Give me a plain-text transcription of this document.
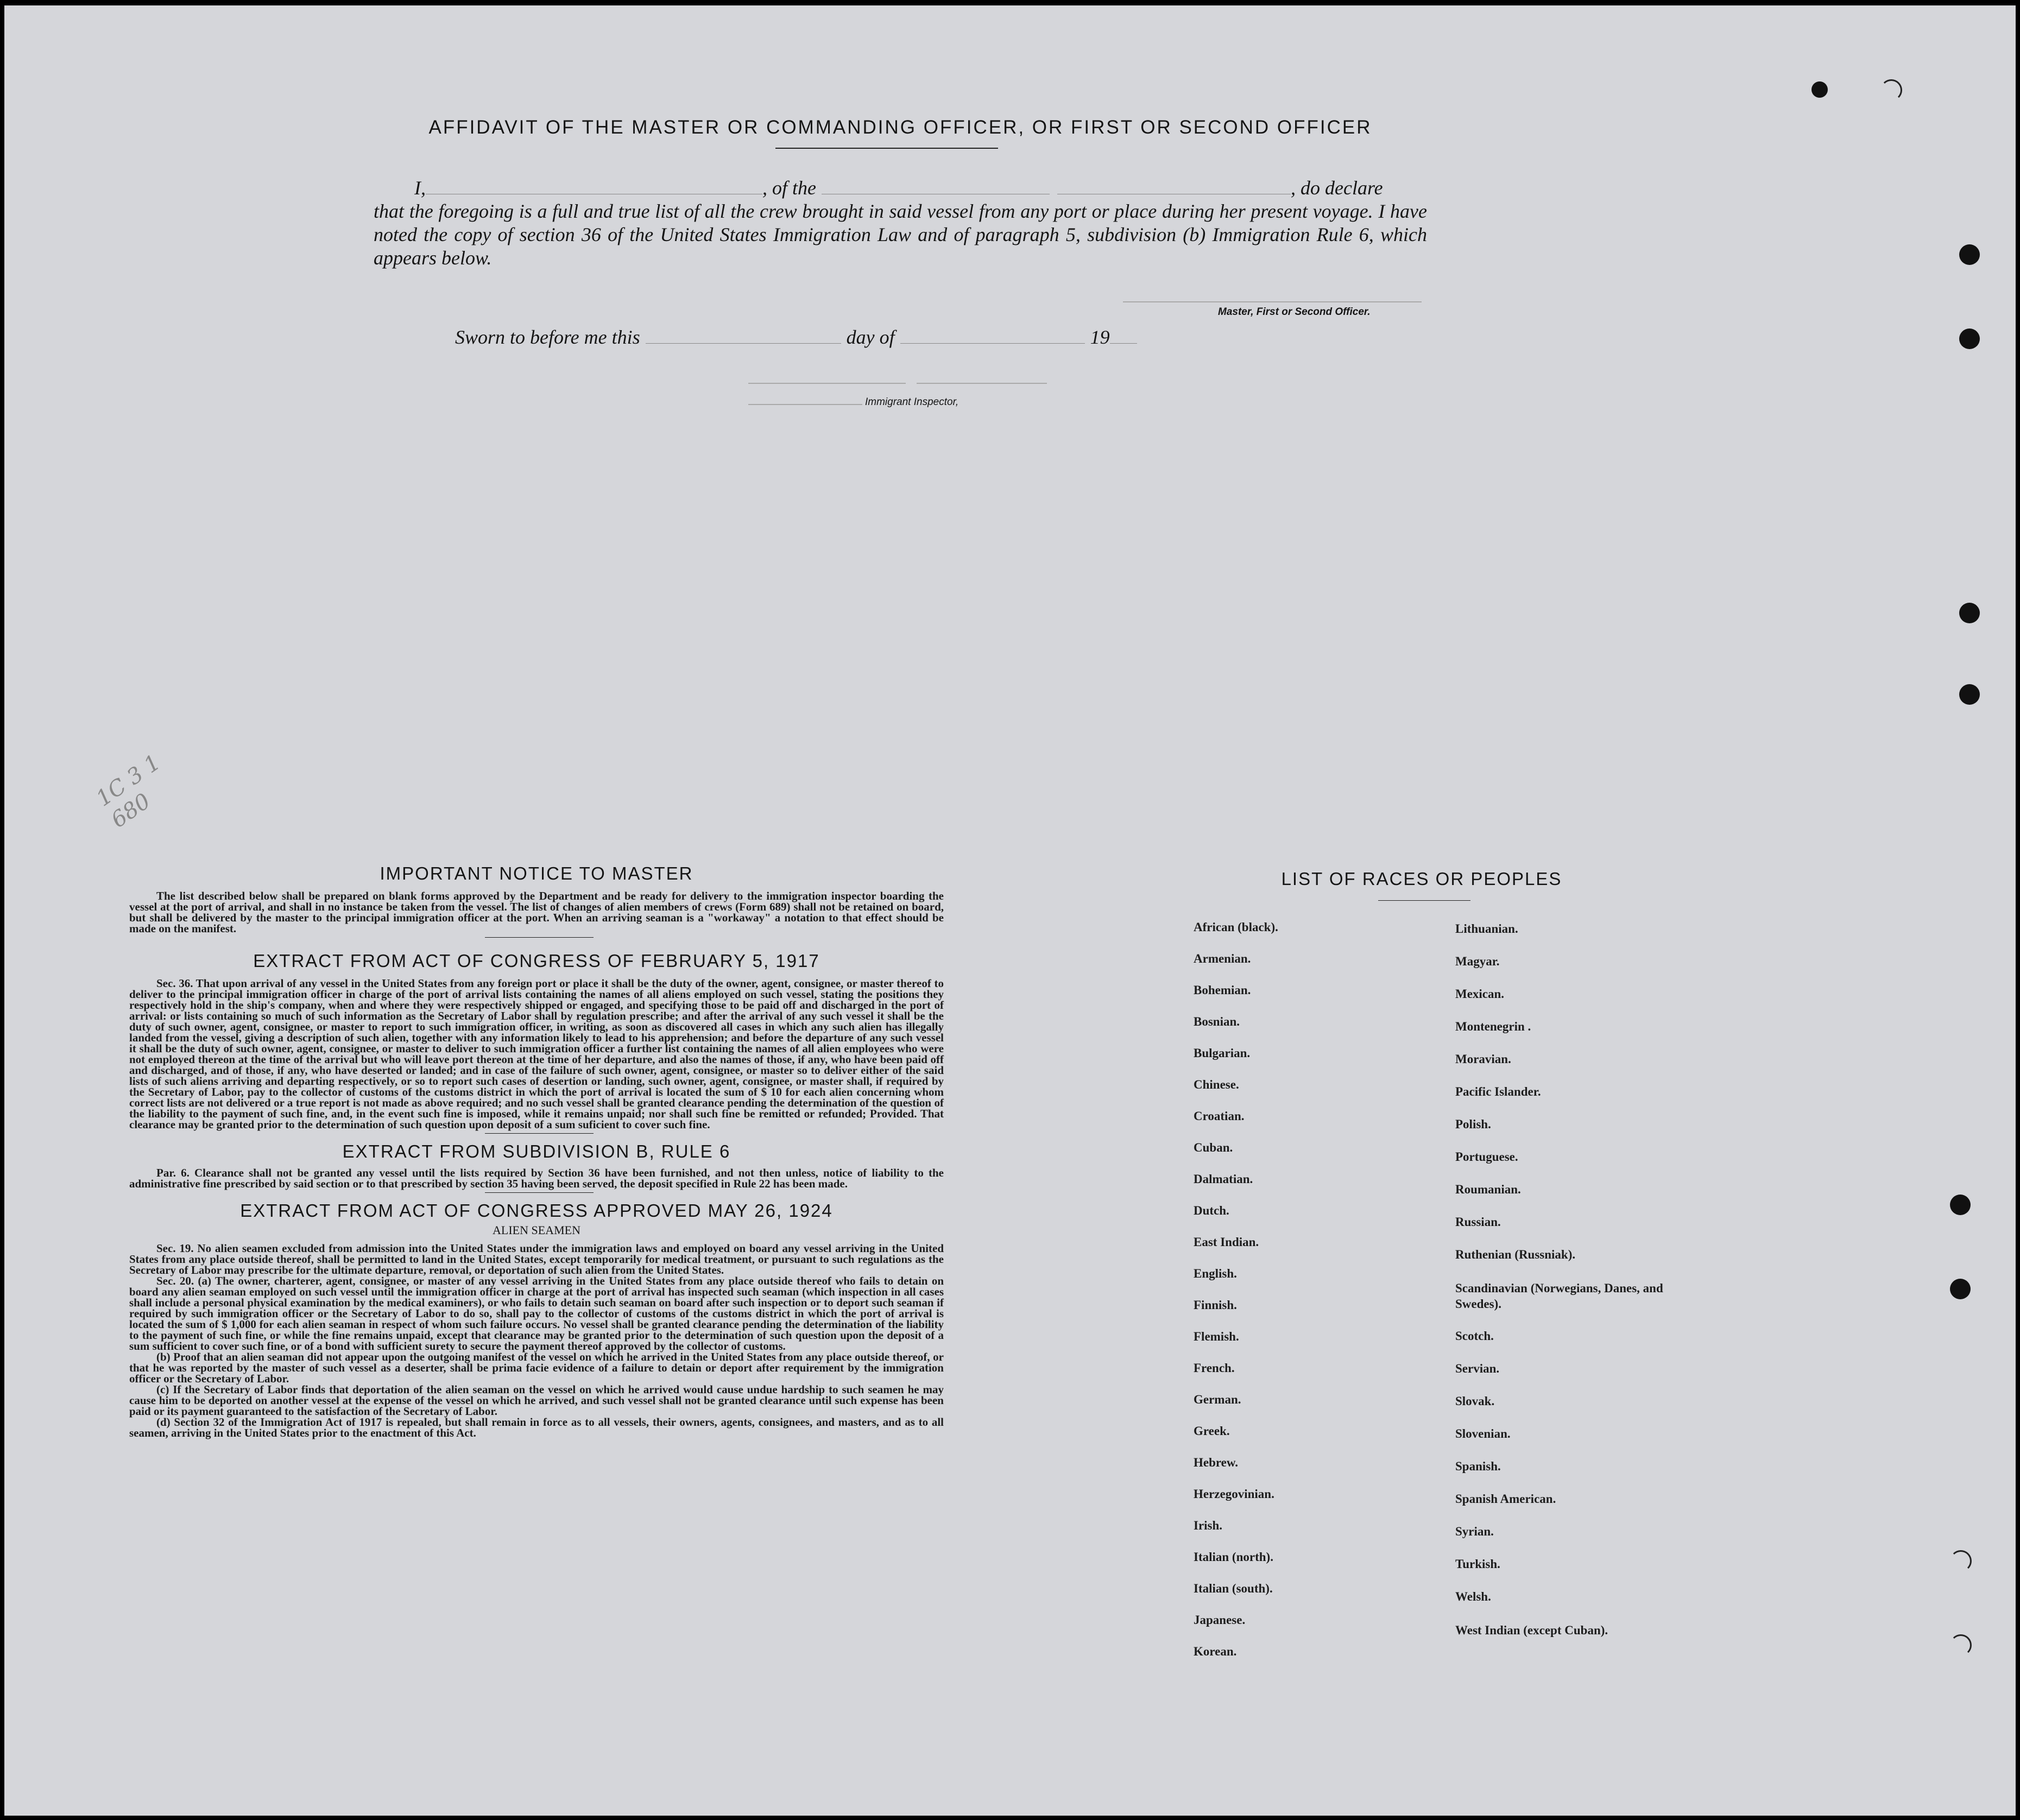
AFFIDAVIT OF THE MASTER OR COMMANDING OFFICER, OR FIRST OR SECOND OFFICER
I,	, of the	, do declare
that the foregoing is a full and true list of all the crew brought in said vessel from any port or place during her present voyage. I have noted the copy of section 36 of the United States Immigration Law and of paragraph 5, subdivision (b) Immigration Rule 6, which appears below.
Master, First or Second Officer.
Sworn to before me this	day of	19
Immigrant Inspector,
1C 3 1 680
IMPORTANT NOTICE TO MASTER

The list described below shall be prepared on blank forms approved by the Department and be ready for delivery to the immigration inspector boarding the vessel at the port of arrival, and shall in no instance be taken from the vessel. The list of changes of alien members of crews (Form 689) shall not be retained on board, but shall be delivered by the master to the principal immigration officer at the port. When an arriving seaman is a "workaway" a notation to that effect should be made on the manifest.

EXTRACT FROM ACT OF CONGRESS OF FEBRUARY 5, 1917

Sec. 36. That upon arrival of any vessel in the United States from any foreign port or place it shall be the duty of the owner, agent, consignee, or master thereof to deliver to the principal immigration officer in charge of the port of arrival lists containing the names of all aliens employed on such vessel, stating the positions they respectively hold in the ship's company, when and where they were respectively shipped or engaged, and specifying those to be paid off and discharged in the port of arrival: or lists containing so much of such information as the Secretary of Labor shall by regulation prescribe; and after the arrival of any such vessel it shall be the duty of such owner, agent, consignee, or master to report to such immigration officer, in writing, as soon as discovered all cases in which any such alien has illegally landed from the vessel, giving a description of such alien, together with any information likely to lead to his apprehension; and before the departure of any such vessel it shall be the duty of such owner, agent, consignee, or master to deliver to such immigration officer a further list containing the names of all alien employees who were not employed thereon at the time of the arrival but who will leave port thereon at the time of her departure, and also the names of those, if any, who have been paid off and discharged, and of those, if any, who have deserted or landed; and in case of the failure of such owner, agent, consignee, or master so to deliver either of the said lists of such aliens arriving and departing respectively, or so to report such cases of desertion or landing, such owner, agent, consignee, or master shall, if required by the Secretary of Labor, pay to the collector of customs of the customs district in which the port of arrival is located the sum of $ 10 for each alien concerning whom correct lists are not delivered or a true report is not made as above required; and no such vessel shall be granted clearance pending the determination of the question of the liability to the payment of such fine, and, in the event such fine is imposed, while it remains unpaid; nor shall such fine be remitted or refunded; Provided. That clearance may be granted prior to the determination of such question upon deposit of a sum suficient to cover such fine.

EXTRACT FROM SUBDIVISION B, RULE 6

Par. 6. Clearance shall not be granted any vessel until the lists required by Section 36 have been furnished, and not then unless, notice of liability to the administrative fine prescribed by said section or to that prescribed by section 35 having been served, the deposit specified in Rule 22 has been made.

EXTRACT FROM ACT OF CONGRESS APPROVED MAY 26, 1924
ALIEN SEAMEN

Sec. 19. No alien seamen excluded from admission into the United States under the immigration laws and employed on board any vessel arriving in the United States from any place outside thereof, shall be permitted to land in the United States, except temporarily for medical treatment, or pursuant to such regulations as the Secretary of Labor may prescribe for the ultimate departure, removal, or deportation of such alien from the United States.

Sec. 20. (a) The owner, charterer, agent, consignee, or master of any vessel arriving in the United States from any place outside thereof who fails to detain on board any alien seaman employed on such vessel until the immigration officer in charge at the port of arrival has inspected such seaman (which inspection in all cases shall include a personal physical examination by the medical examiners), or who fails to detain such seaman on board after such inspection or to deport such seaman if required by such immigration officer or the Secretary of Labor to do so, shall pay to the collector of customs of the customs district in which the port of arrival is located the sum of $ 1,000 for each alien seaman in respect of whom such failure occurs. No vessel shall be granted clearance pending the determination of the liability to the payment of such fine, or while the fine remains unpaid, except that clearance may be granted prior to the determination of such question upon the deposit of a sum sufficient to cover such fine, or of a bond with sufficient surety to secure the payment thereof approved by the collector of customs.

(b) Proof that an alien seaman did not appear upon the outgoing manifest of the vessel on which he arrived in the United States from any place outside thereof, or that he was reported by the master of such vessel as a deserter, shall be prima facie evidence of a failure to detain or deport after requirement by the immigration officer or the Secretary of Labor.

(c) If the Secretary of Labor finds that deportation of the alien seaman on the vessel on which he arrived would cause undue hardship to such seamen he may cause him to be deported on another vessel at the expense of the vessel on which he arrived, and such vessel shall not be granted clearance until such expense has been paid or its payment guaranteed to the satisfaction of the Secretary of Labor.

(d) Section 32 of the Immigration Act of 1917 is repealed, but shall remain in force as to all vessels, their owners, agents, consignees, and masters, and as to all seamen, arriving in the United States prior to the enactment of this Act.

LIST OF RACES OR PEOPLES
African (black).
Armenian.
Bohemian.
Bosnian.
Bulgarian.
Chinese.
Croatian.
Cuban.
Dalmatian.
Dutch.
East Indian.
English.
Finnish.
Flemish.
French.
German.
Greek.
Hebrew.
Herzegovinian.
Irish.
Italian (north).
Italian (south).
Japanese.
Korean.
Lithuanian.
Magyar.
Mexican.
Montenegrin .
Moravian.
Pacific Islander.
Polish.
Portuguese.
Roumanian.
Russian.
Ruthenian (Russniak).
Scandinavian (Norwegians, Danes, and Swedes).
Scotch.
Servian.
Slovak.
Slovenian.
Spanish.
Spanish American.
Syrian.
Turkish.
Welsh.
West Indian (except Cuban).
